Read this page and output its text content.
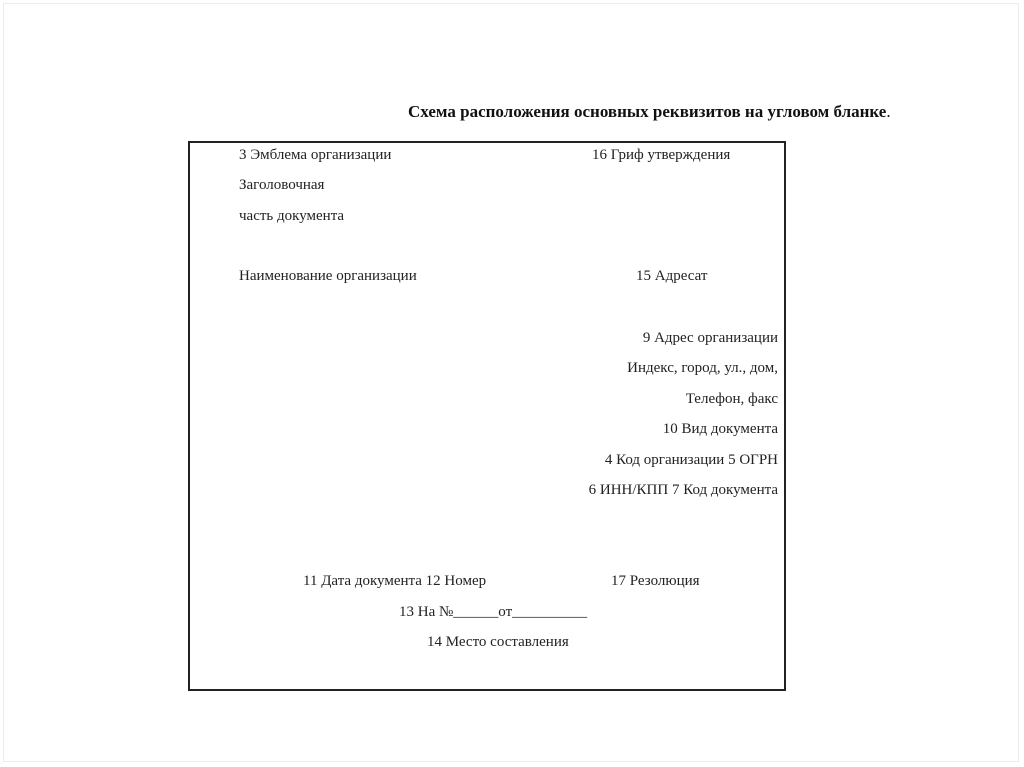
Схема расположения основных реквизитов на угловом бланке.
3 Эмблема организации	16 Гриф утверждения
Заголовочная
часть документа
Наименование организации	15 Адресат
9 Адрес организации
Индекс, город, ул., дом,
Телефон, факс
10 Вид документа
4 Код организации 5 ОГРН
6 ИНН/КПП 7 Код документа
11 Дата документа 12 Номер	17 Резолюция
13 На №______от__________
14 Место составления
